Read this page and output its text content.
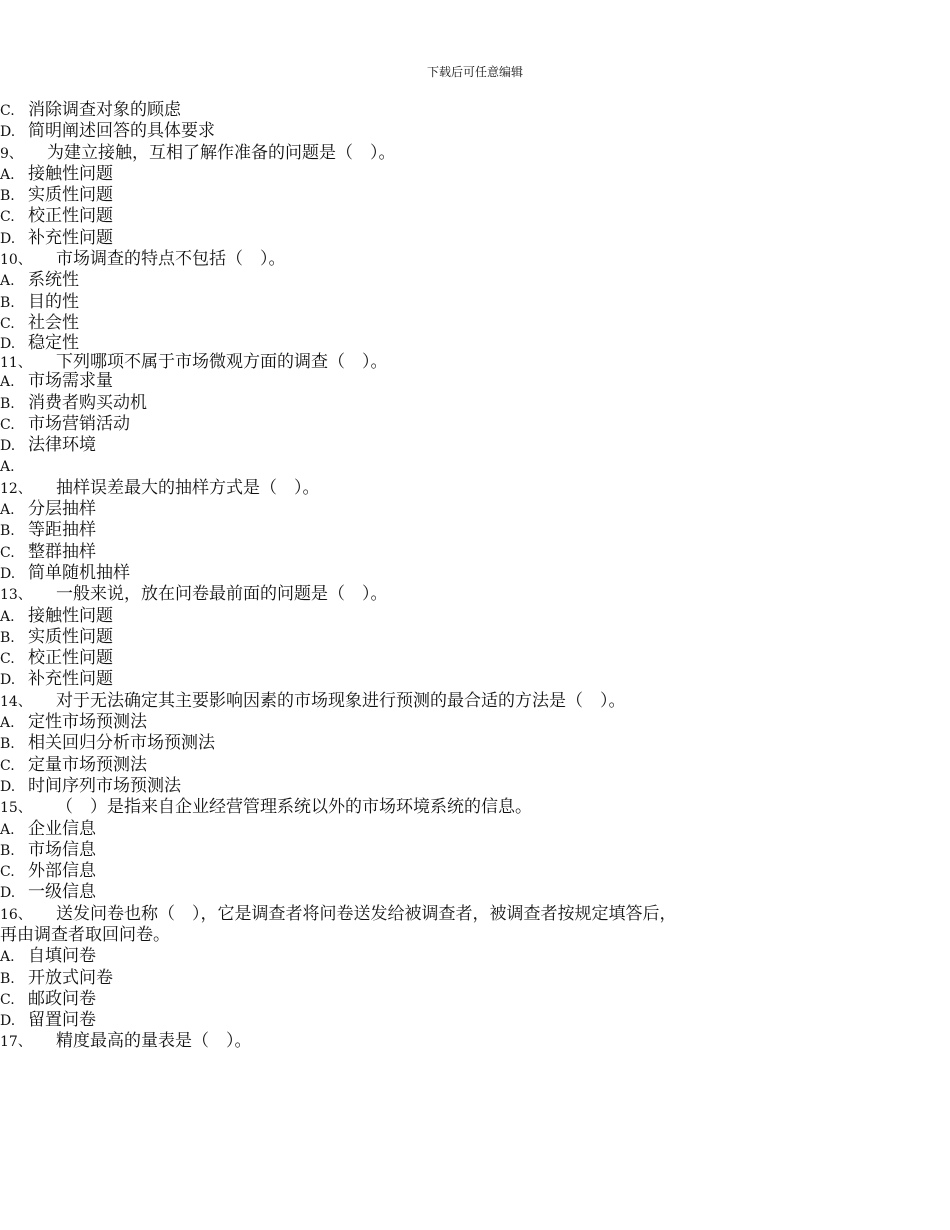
下载后可任意编辑
C. 消除调查对象的顾虑
D. 简明阐述回答的具体要求
9、 为建立接触，互相了解作准备的问题是（　）。
A. 接触性问题
B. 实质性问题
C. 校正性问题
D. 补充性问题
10、 市场调查的特点不包括（　）。
A. 系统性
B. 目的性
C. 社会性
D. 稳定性
11、 下列哪项不属于市场微观方面的调查（　）。
A. 市场需求量
B. 消费者购买动机
C. 市场营销活动
D. 法律环境
A.
12、 抽样误差最大的抽样方式是（　）。
A. 分层抽样
B. 等距抽样
C. 整群抽样
D. 简单随机抽样
13、 一般来说，放在问卷最前面的问题是（　）。
A. 接触性问题
B. 实质性问题
C. 校正性问题
D. 补充性问题
14、 对于无法确定其主要影响因素的市场现象进行预测的最合适的方法是（　）。
A. 定性市场预测法
B. 相关回归分析市场预测法
C. 定量市场预测法
D. 时间序列市场预测法
15、 （　）是指来自企业经营管理系统以外的市场环境系统的信息。
A. 企业信息
B. 市场信息
C. 外部信息
D. 一级信息
16、 送发问卷也称（　），它是调查者将问卷送发给被调查者，被调查者按规定填答后，
再由调查者取回问卷。
A. 自填问卷
B. 开放式问卷
C. 邮政问卷
D. 留置问卷
17、 精度最高的量表是（　）。
